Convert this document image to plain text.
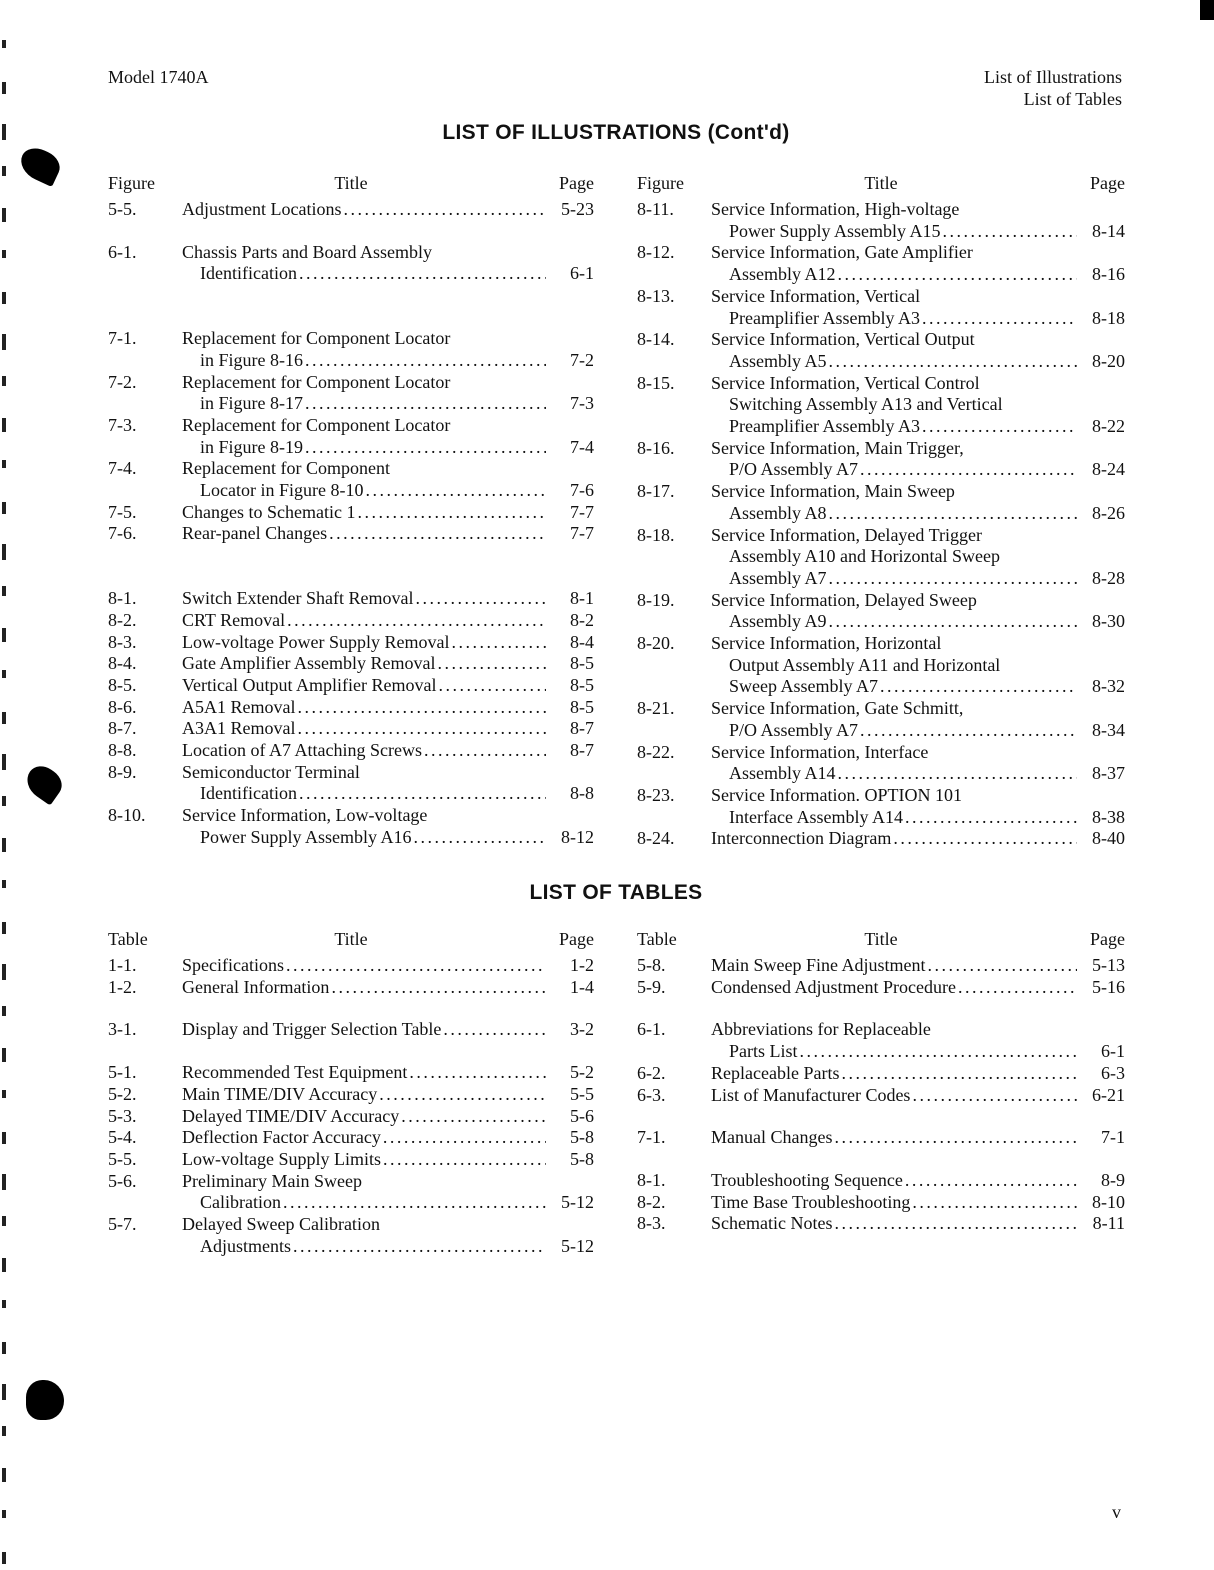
Model 1740A	List of Illustrations
List of Tables
LIST OF ILLUSTRATIONS (Cont'd)
Figure	Title	Page
5-5.	Adjustment Locations . . .	5-23
6-1.	Chassis Parts and Board Assembly
Identification . . .	6-1
7-1.	Replacement for Component Locator
in Figure 8-16 . . .	7-2
7-2.	Replacement for Component Locator
in Figure 8-17 . . .	7-3
7-3.	Replacement for Component Locator
in Figure 8-19 . . .	7-4
7-4.	Replacement for Component
Locator in Figure 8-10 . . .	7-6
7-5.	Changes to Schematic 1 . . .	7-7
7-6.	Rear-panel Changes . . .	7-7
8-1.	Switch Extender Shaft Removal . . .	8-1
8-2.	CRT Removal . . .	8-2
8-3.	Low-voltage Power Supply Removal . . .	8-4
8-4.	Gate Amplifier Assembly Removal . . .	8-5
8-5.	Vertical Output Amplifier Removal . . .	8-5
8-6.	A5A1 Removal . . .	8-5
8-7.	A3A1 Removal . . .	8-7
8-8.	Location of A7 Attaching Screws . . .	8-7
8-9.	Semiconductor Terminal
Identification . . .	8-8
8-10.	Service Information, Low-voltage
Power Supply Assembly A16 . . .	8-12
Figure	Title	Page
8-11.	Service Information, High-voltage
Power Supply Assembly A15 . . .	8-14
8-12.	Service Information, Gate Amplifier
Assembly A12 . . .	8-16
8-13.	Service Information, Vertical
Preamplifier Assembly A3 . . .	8-18
8-14.	Service Information, Vertical Output
Assembly A5 . . .	8-20
8-15.	Service Information, Vertical Control
Switching Assembly A13 and Vertical
Preamplifier Assembly A3 . . .	8-22
8-16.	Service Information, Main Trigger,
P/O Assembly A7 . . .	8-24
8-17.	Service Information, Main Sweep
Assembly A8 . . .	8-26
8-18.	Service Information, Delayed Trigger
Assembly A10 and Horizontal Sweep
Assembly A7 . . .	8-28
8-19.	Service Information, Delayed Sweep
Assembly A9 . . .	8-30
8-20.	Service Information, Horizontal
Output Assembly A11 and Horizontal
Sweep Assembly A7 . . .	8-32
8-21.	Service Information, Gate Schmitt,
P/O Assembly A7 . . .	8-34
8-22.	Service Information, Interface
Assembly A14 . . .	8-37
8-23.	Service Information. OPTION 101
Interface Assembly A14 . . .	8-38
8-24.	Interconnection Diagram . . .	8-40
LIST OF TABLES
Table	Title	Page
1-1.	Specifications . . .	1-2
1-2.	General Information . . .	1-4
3-1.	Display and Trigger Selection Table . . .	3-2
5-1.	Recommended Test Equipment . . .	5-2
5-2.	Main TIME/DIV Accuracy . . .	5-5
5-3.	Delayed TIME/DIV Accuracy . . .	5-6
5-4.	Deflection Factor Accuracy . . .	5-8
5-5.	Low-voltage Supply Limits . . .	5-8
5-6.	Preliminary Main Sweep
Calibration . . .	5-12
5-7.	Delayed Sweep Calibration
Adjustments . . .	5-12
Table	Title	Page
5-8.	Main Sweep Fine Adjustment . . .	5-13
5-9.	Condensed Adjustment Procedure . . .	5-16
6-1.	Abbreviations for Replaceable
Parts List . . .	6-1
6-2.	Replaceable Parts . . .	6-3
6-3.	List of Manufacturer Codes . . .	6-21
7-1.	Manual Changes . . .	7-1
8-1.	Troubleshooting Sequence . . .	8-9
8-2.	Time Base Troubleshooting . . .	8-10
8-3.	Schematic Notes . . .	8-11
v
